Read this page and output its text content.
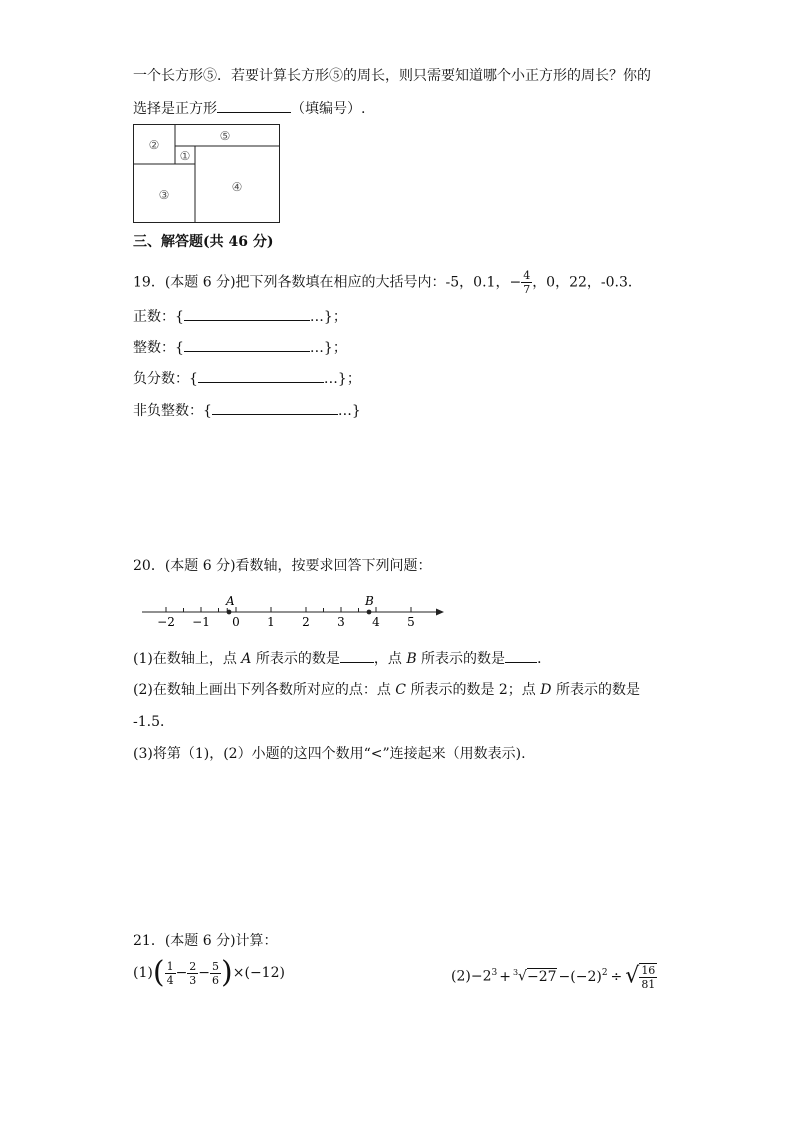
一个长方形⑤．若要计算长方形⑤的周长，则只需要知道哪个小正方形的周长？你的
选择是正方形	（填编号）.
⑤
②
①
③
④
三、解答题(共 46 分)
19．(本题 6 分)把下列各数填在相应的大括号内：-5，0.1，− $\frac{4}{7}$ ，0，22，-0.3．
正数：{	…}；
整数：{	…}；
负分数：{	…}；
非负整数：{	…}
20．(本题 6 分)看数轴，按要求回答下列问题：
−2 −1 0 1 2 3 4 5
A	B
(1)在数轴上，点 A 所表示的数是 ，点 B 所表示的数是 ．
(2)在数轴上画出下列各数所对应的点：点 C 所表示的数是 2；点 D 所表示的数是
-1.5．
(3)将第（1)，(2）小题的这四个数用“<”连接起来（用数表示).
21．(本题 6 分)计算：
$(1)( \frac{1}{4} - \frac{2}{3} - \frac{5}{6} )\times(-12)$	$(2)-2^3 + ^3√-27 -(-2)^2$ ÷ √ $\frac{16}{81}$
